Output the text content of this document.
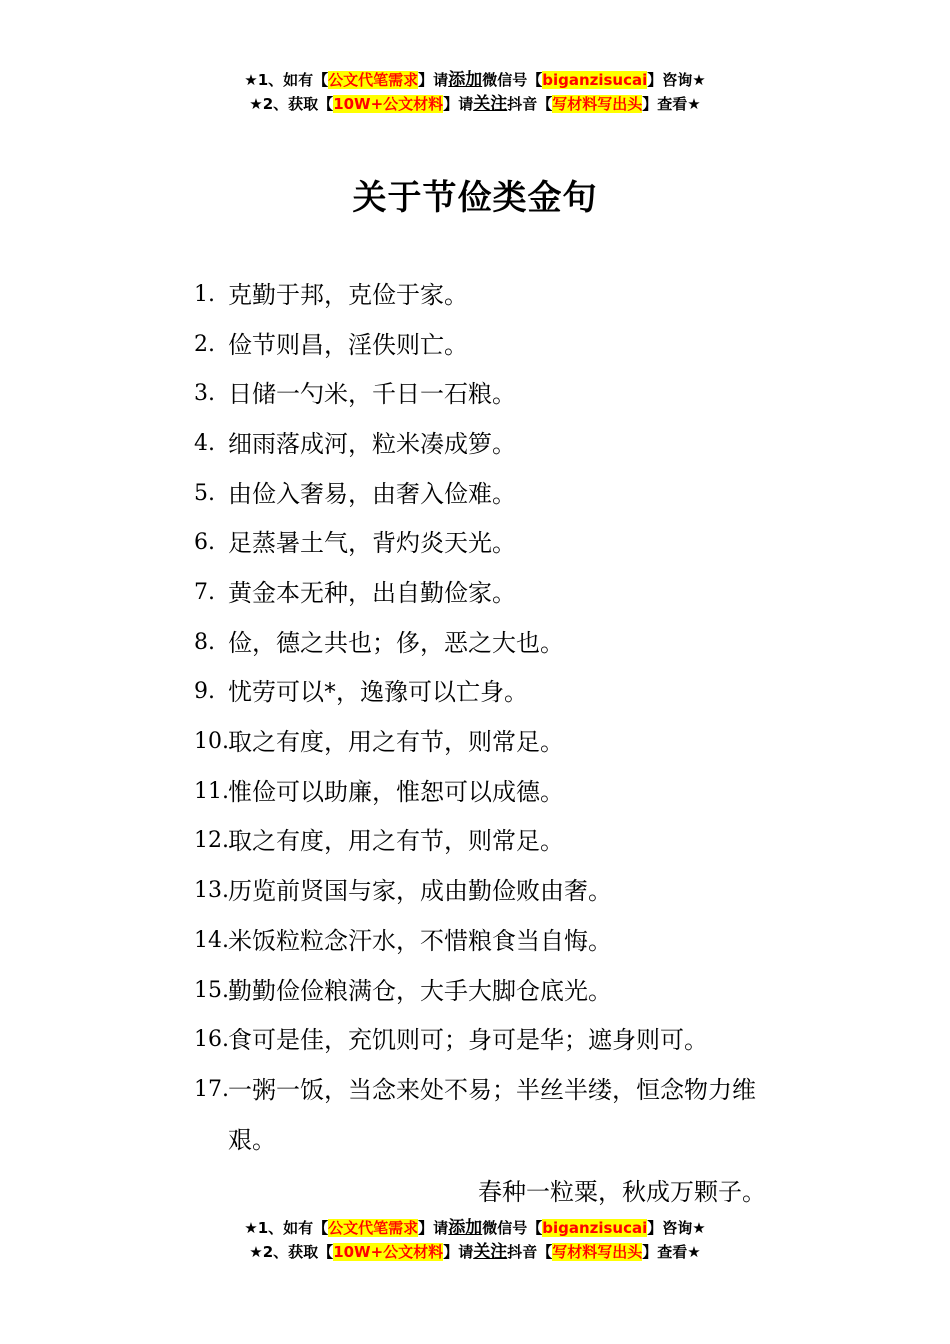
★1、如有【公文代笔需求】请添加微信号【biganzisucai】咨询★
★2、获取【10W+公文材料】请关注抖音【写材料写出头】查看★
关于节俭类金句
1. 克勤于邦，克俭于家。
2. 俭节则昌，淫佚则亡。
3. 日储一勺米，千日一石粮。
4. 细雨落成河，粒米凑成箩。
5. 由俭入奢易，由奢入俭难。
6. 足蒸暑土气，背灼炎天光。
7. 黄金本无种，出自勤俭家。
8. 俭，德之共也；侈，恶之大也。
9. 忧劳可以*，逸豫可以亡身。
10. 取之有度，用之有节，则常足。
11. 惟俭可以助廉，惟恕可以成德。
12. 取之有度，用之有节，则常足。
13. 历览前贤国与家，成由勤俭败由奢。
14. 米饭粒粒念汗水，不惜粮食当自悔。
15. 勤勤俭俭粮满仓，大手大脚仓底光。
16. 食可是佳，充饥则可；身可是华；遮身则可。
17. 一粥一饭，当念来处不易；半丝半缕，恒念物力维
艰。
春种一粒粟，秋成万颗子。
★1、如有【公文代笔需求】请添加微信号【biganzisucai】咨询★
★2、获取【10W+公文材料】请关注抖音【写材料写出头】查看★
